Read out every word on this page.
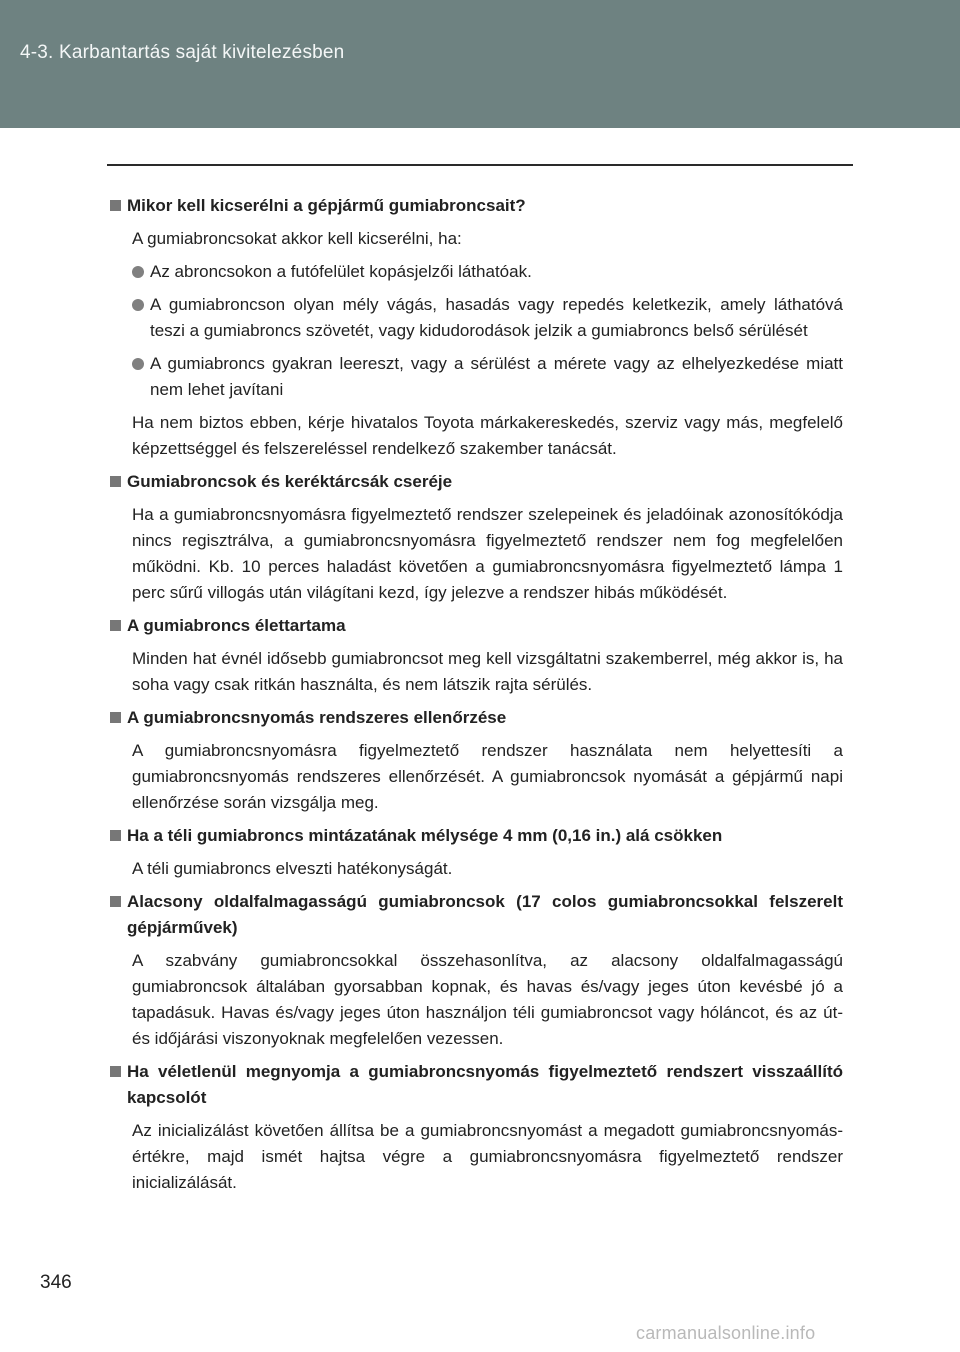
4-3. Karbantartás saját kivitelezésben
Mikor kell kicserélni a gépjármű gumiabroncsait?
A gumiabroncsokat akkor kell kicserélni, ha:
Az abroncsokon a futófelület kopásjelzői láthatóak.
A gumiabroncson olyan mély vágás, hasadás vagy repedés keletkezik, amely láthatóvá teszi a gumiabroncs szövetét, vagy kidudorodások jelzik a gumiabroncs belső sérülését
A gumiabroncs gyakran leereszt, vagy a sérülést a mérete vagy az elhelyezkedése miatt nem lehet javítani
Ha nem biztos ebben, kérje hivatalos Toyota márkakereskedés, szerviz vagy más, megfelelő képzettséggel és felszereléssel rendelkező szakember tanácsát.
Gumiabroncsok és keréktárcsák cseréje
Ha a gumiabroncsnyomásra figyelmeztető rendszer szelepeinek és jeladóinak azonosítókódja nincs regisztrálva, a gumiabroncsnyomásra figyelmeztető rendszer nem fog megfelelően működni. Kb. 10 perces haladást követően a gumiabroncsnyomásra figyelmeztető lámpa 1 perc sűrű villogás után világítani kezd, így jelezve a rendszer hibás működését.
A gumiabroncs élettartama
Minden hat évnél idősebb gumiabroncsot meg kell vizsgáltatni szakemberrel, még akkor is, ha soha vagy csak ritkán használta, és nem látszik rajta sérülés.
A gumiabroncsnyomás rendszeres ellenőrzése
A gumiabroncsnyomásra figyelmeztető rendszer használata nem helyettesíti a gumiabroncsnyomás rendszeres ellenőrzését. A gumiabroncsok nyomását a gépjármű napi ellenőrzése során vizsgálja meg.
Ha a téli gumiabroncs mintázatának mélysége 4 mm (0,16 in.) alá csökken
A téli gumiabroncs elveszti hatékonyságát.
Alacsony oldalfalmagasságú gumiabroncsok (17 colos gumiabroncsokkal felszerelt gépjárművek)
A szabvány gumiabroncsokkal összehasonlítva, az alacsony oldalfalmagasságú gumiabroncsok általában gyorsabban kopnak, és havas és/vagy jeges úton kevésbé jó a tapadásuk. Havas és/vagy jeges úton használjon téli gumiabroncsot vagy hóláncot, és az út- és időjárási viszonyoknak megfelelően vezessen.
Ha véletlenül megnyomja a gumiabroncsnyomás figyelmeztető rendszert visszaállító kapcsolót
Az inicializálást követően állítsa be a gumiabroncsnyomást a megadott gumiabroncsnyomás-értékre, majd ismét hajtsa végre a gumiabroncsnyomásra figyelmeztető rendszer inicializálását.
346
carmanualsonline.info
